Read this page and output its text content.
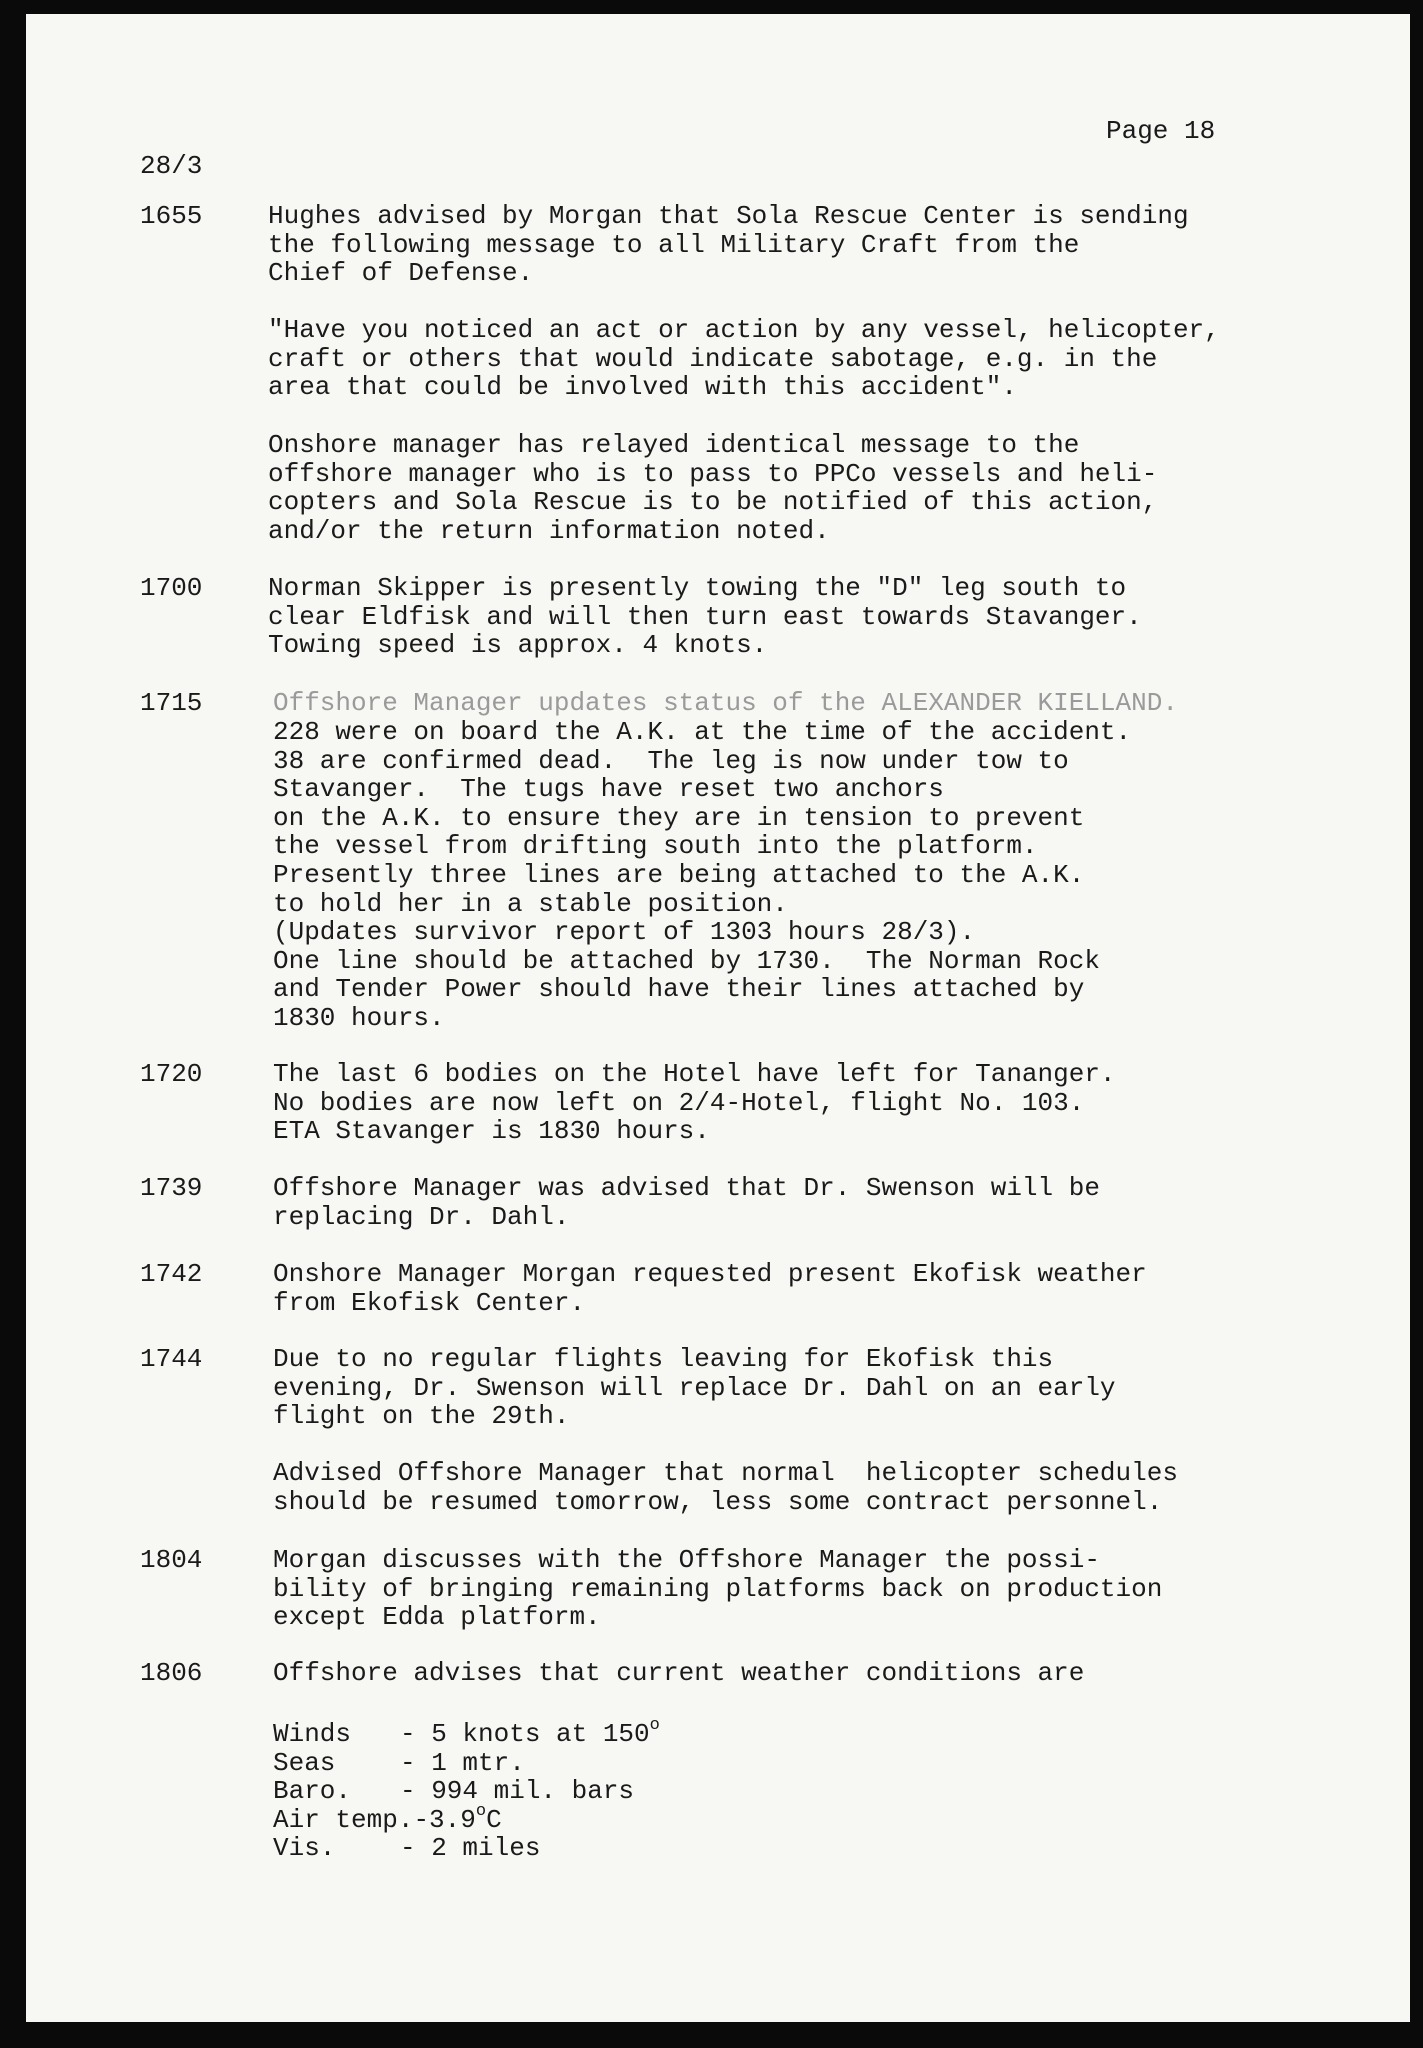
Page 18
28/3
1655	Hughes advised by Morgan that Sola Rescue Center is sending
the following message to all Military Craft from the
Chief of Defense.
"Have you noticed an act or action by any vessel, helicopter,
craft or others that would indicate sabotage, e.g. in the
area that could be involved with this accident".
Onshore manager has relayed identical message to the
offshore manager who is to pass to PPCo vessels and heli-
copters and Sola Rescue is to be notified of this action,
and/or the return information noted.
1700	Norman Skipper is presently towing the "D" leg south to
clear Eldfisk and will then turn east towards Stavanger.
Towing speed is approx. 4 knots.
1715	Offshore Manager updates status of the ALEXANDER KIELLAND.
228 were on board the A.K. at the time of the accident.
38 are confirmed dead.  The leg is now under tow to
Stavanger.  The tugs have reset two anchors
on the A.K. to ensure they are in tension to prevent
the vessel from drifting south into the platform.
Presently three lines are being attached to the A.K.
to hold her in a stable position.
(Updates survivor report of 1303 hours 28/3).
One line should be attached by 1730.  The Norman Rock
and Tender Power should have their lines attached by
1830 hours.
1720	The last 6 bodies on the Hotel have left for Tananger.
No bodies are now left on 2/4-Hotel, flight No. 103.
ETA Stavanger is 1830 hours.
1739	Offshore Manager was advised that Dr. Swenson will be
replacing Dr. Dahl.
1742	Onshore Manager Morgan requested present Ekofisk weather
from Ekofisk Center.
1744	Due to no regular flights leaving for Ekofisk this
evening, Dr. Swenson will replace Dr. Dahl on an early
flight on the 29th.
Advised Offshore Manager that normal  helicopter schedules
should be resumed tomorrow, less some contract personnel.
1804	Morgan discusses with the Offshore Manager the possi-
bility of bringing remaining platforms back on production
except Edda platform.
1806	Offshore advises that current weather conditions are
Winds - 5 knots at 150$^o$
Seas - 1 mtr.
Baro. - 994 mil. bars
Air temp.-3.9$^o$C
Vis. - 2 miles
